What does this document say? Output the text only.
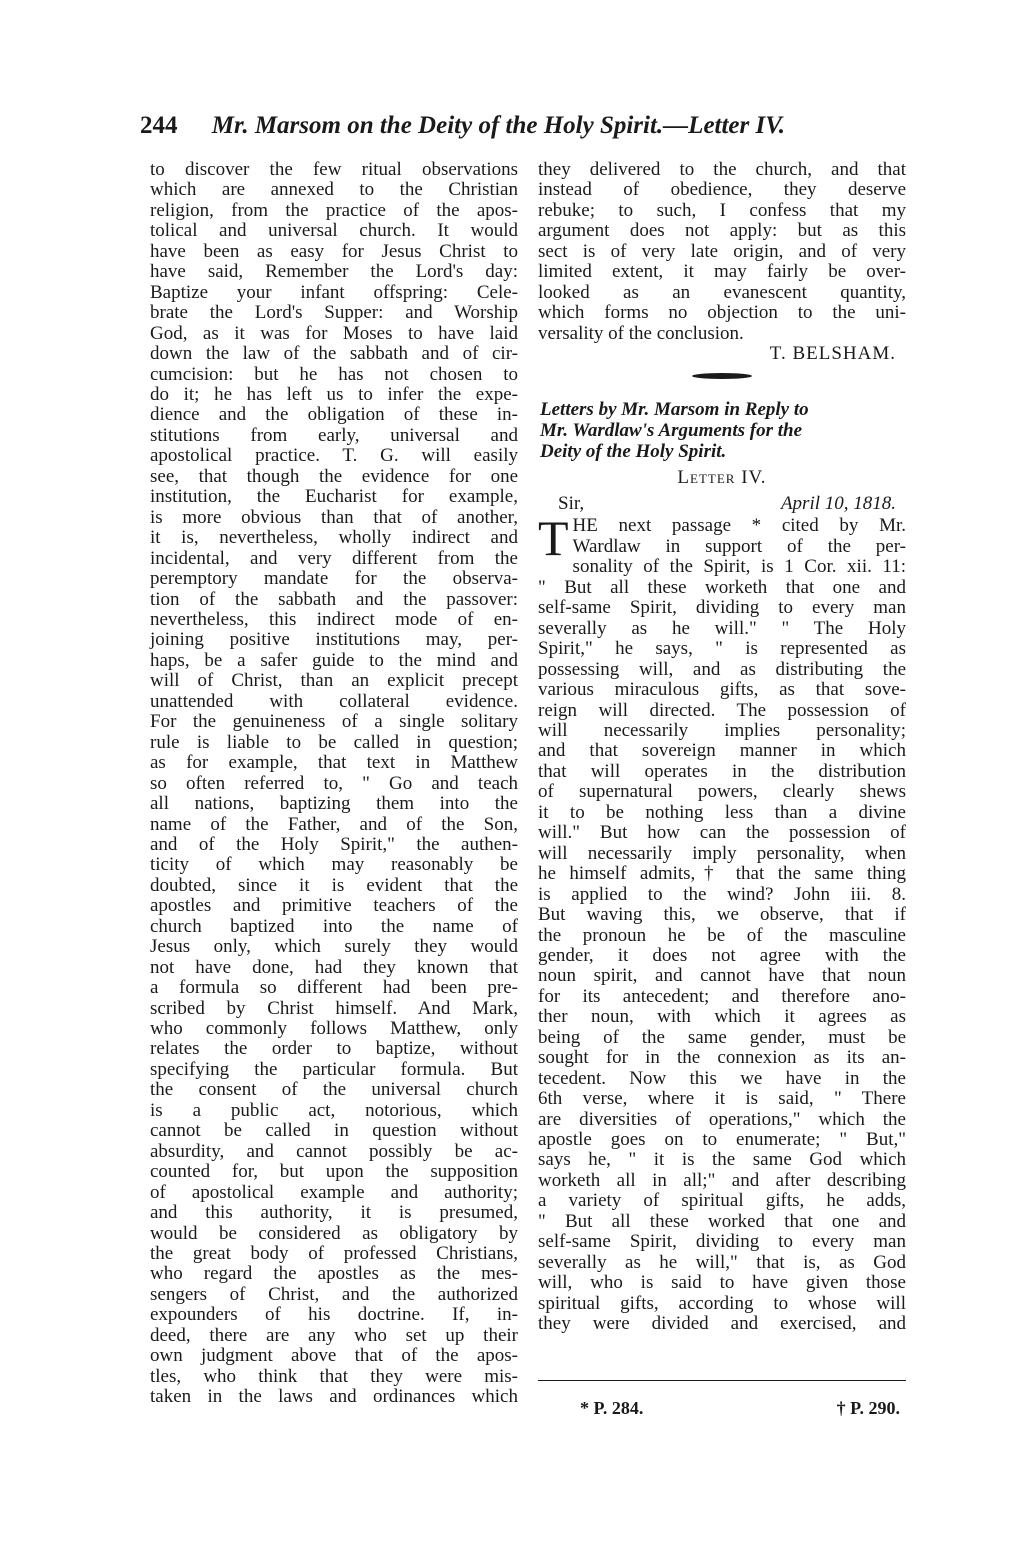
244 Mr. Marsom on the Deity of the Holy Spirit.—Letter IV.
to discover the few ritual observations
which are annexed to the Christian
religion, from the practice of the apos-
tolical and universal church. It would
have been as easy for Jesus Christ to
have said, Remember the Lord's day:
Baptize your infant offspring: Cele-
brate the Lord's Supper: and Worship
God, as it was for Moses to have laid
down the law of the sabbath and of cir-
cumcision: but he has not chosen to
do it; he has left us to infer the expe-
dience and the obligation of these in-
stitutions from early, universal and
apostolical practice. T. G. will easily
see, that though the evidence for one
institution, the Eucharist for example,
is more obvious than that of another,
it is, nevertheless, wholly indirect and
incidental, and very different from the
peremptory mandate for the observa-
tion of the sabbath and the passover:
nevertheless, this indirect mode of en-
joining positive institutions may, per-
haps, be a safer guide to the mind and
will of Christ, than an explicit precept
unattended with collateral evidence.
For the genuineness of a single solitary
rule is liable to be called in question;
as for example, that text in Matthew
so often referred to, " Go and teach
all nations, baptizing them into the
name of the Father, and of the Son,
and of the Holy Spirit," the authen-
ticity of which may reasonably be
doubted, since it is evident that the
apostles and primitive teachers of the
church baptized into the name of
Jesus only, which surely they would
not have done, had they known that
a formula so different had been pre-
scribed by Christ himself. And Mark,
who commonly follows Matthew, only
relates the order to baptize, without
specifying the particular formula. But
the consent of the universal church
is a public act, notorious, which
cannot be called in question without
absurdity, and cannot possibly be ac-
counted for, but upon the supposition
of apostolical example and authority;
and this authority, it is presumed,
would be considered as obligatory by
the great body of professed Christians,
who regard the apostles as the mes-
sengers of Christ, and the authorized
expounders of his doctrine. If, in-
deed, there are any who set up their
own judgment above that of the apos-
tles, who think that they were mis-
taken in the laws and ordinances which
they delivered to the church, and that
instead of obedience, they deserve
rebuke; to such, I confess that my
argument does not apply: but as this
sect is of very late origin, and of very
limited extent, it may fairly be over-
looked as an evanescent quantity,
which forms no objection to the uni-
versality of the conclusion.
T. BELSHAM.
Letters by Mr. Marsom in Reply to
Mr. Wardlaw's Arguments for the
Deity of the Holy Spirit.
Letter IV.
Sir,	April 10, 1818.
T HE next passage * cited by Mr.
Wardlaw in support of the per-
sonality of the Spirit, is 1 Cor. xii. 11:
" But all these worketh that one and
self-same Spirit, dividing to every man
severally as he will." " The Holy
Spirit," he says, " is represented as
possessing will, and as distributing the
various miraculous gifts, as that sove-
reign will directed. The possession of
will necessarily implies personality;
and that sovereign manner in which
that will operates in the distribution
of supernatural powers, clearly shews
it to be nothing less than a divine
will." But how can the possession of
will necessarily imply personality, when
he himself admits,† that the same thing
is applied to the wind? John iii. 8.
But waving this, we observe, that if
the pronoun he be of the masculine
gender, it does not agree with the
noun spirit, and cannot have that noun
for its antecedent; and therefore ano-
ther noun, with which it agrees as
being of the same gender, must be
sought for in the connexion as its an-
tecedent. Now this we have in the
6th verse, where it is said, " There
are diversities of operations," which the
apostle goes on to enumerate; " But,"
says he, " it is the same God which
worketh all in all;" and after describing
a variety of spiritual gifts, he adds,
" But all these worked that one and
self-same Spirit, dividing to every man
severally as he will," that is, as God
will, who is said to have given those
spiritual gifts, according to whose will
they were divided and exercised, and
* P. 284.	† P. 290.
